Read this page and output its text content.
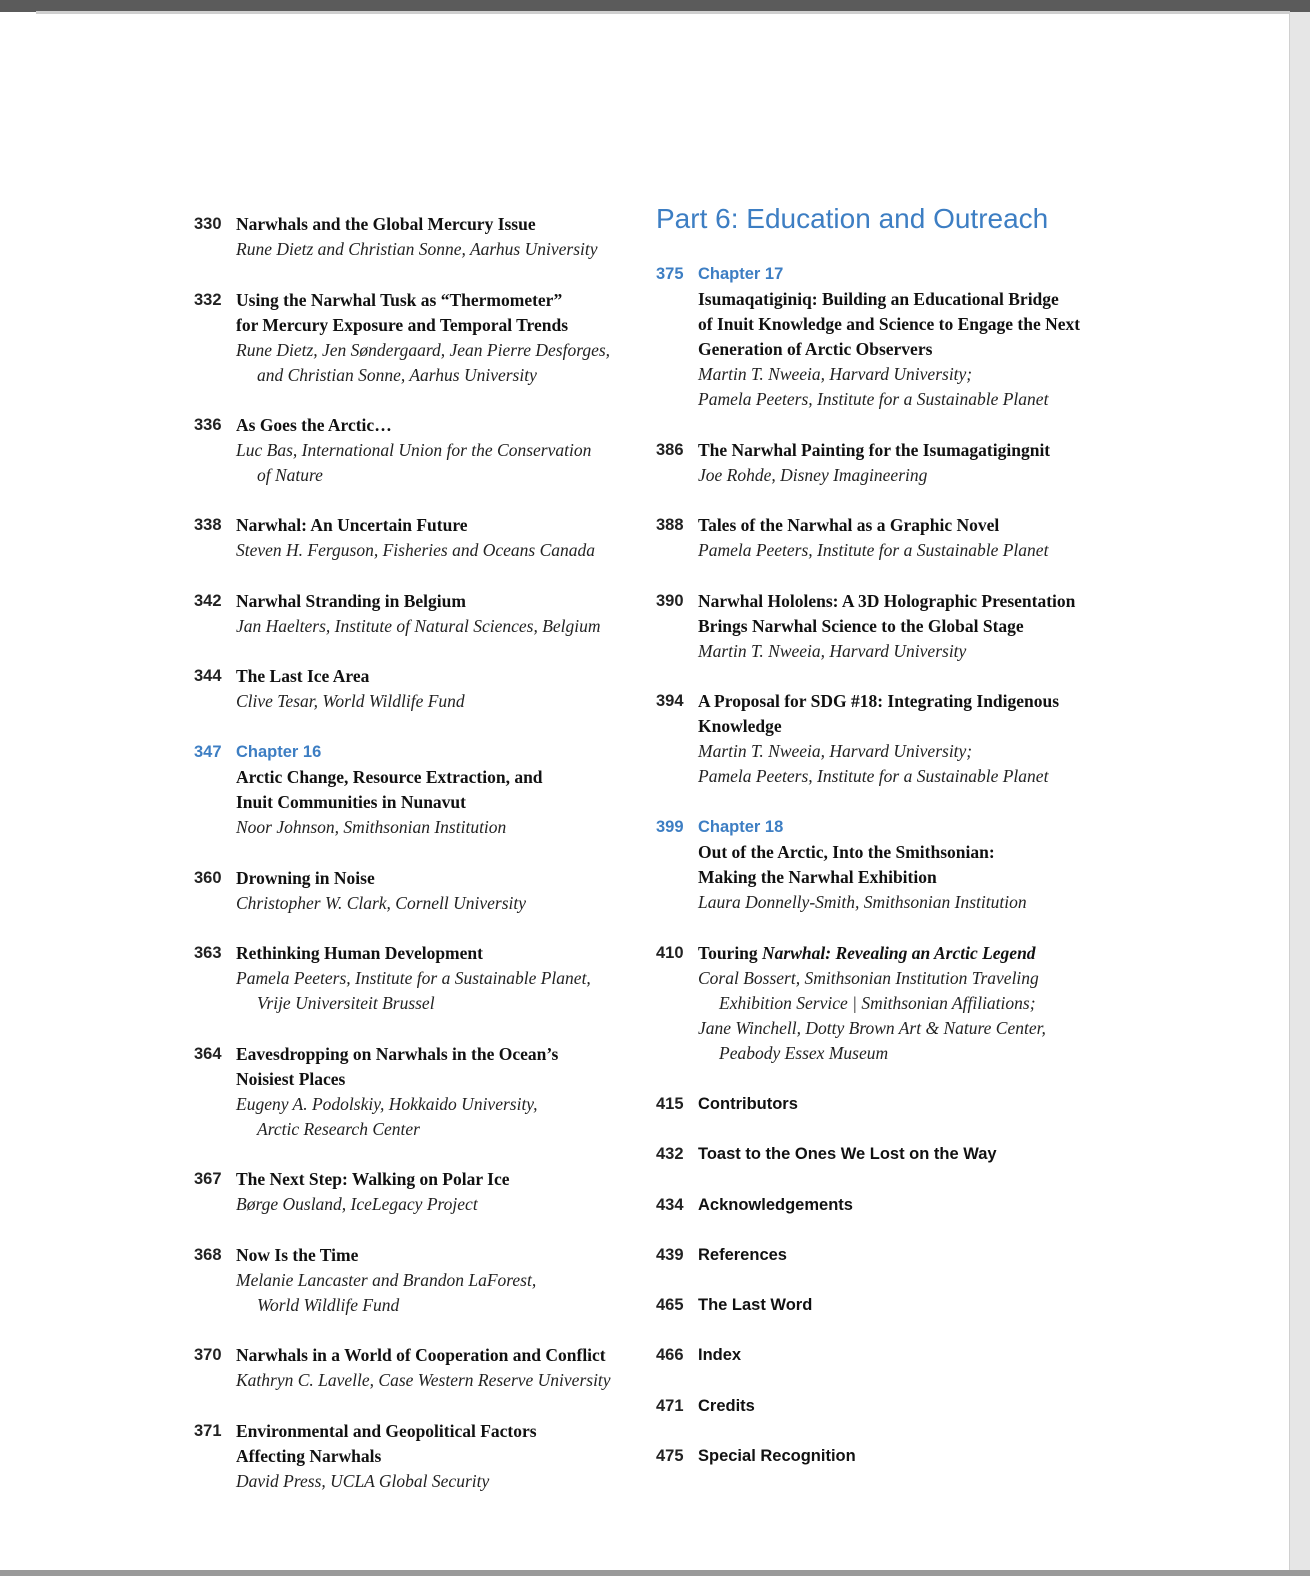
330 Narwhals and the Global Mercury Issue
Rune Dietz and Christian Sonne, Aarhus University
332 Using the Narwhal Tusk as “Thermometer”
for Mercury Exposure and Temporal Trends
Rune Dietz, Jen Søndergaard, Jean Pierre Desforges,
and Christian Sonne, Aarhus University
336 As Goes the Arctic…
Luc Bas, International Union for the Conservation
of Nature
338 Narwhal: An Uncertain Future
Steven H. Ferguson, Fisheries and Oceans Canada
342 Narwhal Stranding in Belgium
Jan Haelters, Institute of Natural Sciences, Belgium
344 The Last Ice Area
Clive Tesar, World Wildlife Fund
347 Chapter 16
Arctic Change, Resource Extraction, and
Inuit Communities in Nunavut
Noor Johnson, Smithsonian Institution
360 Drowning in Noise
Christopher W. Clark, Cornell University
363 Rethinking Human Development
Pamela Peeters, Institute for a Sustainable Planet,
Vrije Universiteit Brussel
364 Eavesdropping on Narwhals in the Ocean’s
Noisiest Places
Eugeny A. Podolskiy, Hokkaido University,
Arctic Research Center
367 The Next Step: Walking on Polar Ice
Børge Ousland, IceLegacy Project
368 Now Is the Time
Melanie Lancaster and Brandon LaForest,
World Wildlife Fund
370 Narwhals in a World of Cooperation and Conflict
Kathryn C. Lavelle, Case Western Reserve University
371 Environmental and Geopolitical Factors
Affecting Narwhals
David Press, UCLA Global Security
Part 6: Education and Outreach
375 Chapter 17
Isumaqatiginiq: Building an Educational Bridge
of Inuit Knowledge and Science to Engage the Next
Generation of Arctic Observers
Martin T. Nweeia, Harvard University;
Pamela Peeters, Institute for a Sustainable Planet
386 The Narwhal Painting for the Isumagatigingnit
Joe Rohde, Disney Imagineering
388 Tales of the Narwhal as a Graphic Novel
Pamela Peeters, Institute for a Sustainable Planet
390 Narwhal Hololens: A 3D Holographic Presentation
Brings Narwhal Science to the Global Stage
Martin T. Nweeia, Harvard University
394 A Proposal for SDG #18: Integrating Indigenous
Knowledge
Martin T. Nweeia, Harvard University;
Pamela Peeters, Institute for a Sustainable Planet
399 Chapter 18
Out of the Arctic, Into the Smithsonian:
Making the Narwhal Exhibition
Laura Donnelly-Smith, Smithsonian Institution
410 Touring Narwhal: Revealing an Arctic Legend
Coral Bossert, Smithsonian Institution Traveling
Exhibition Service | Smithsonian Affiliations;
Jane Winchell, Dotty Brown Art & Nature Center,
Peabody Essex Museum
415 Contributors
432 Toast to the Ones We Lost on the Way
434 Acknowledgements
439 References
465 The Last Word
466 Index
471 Credits
475 Special Recognition
